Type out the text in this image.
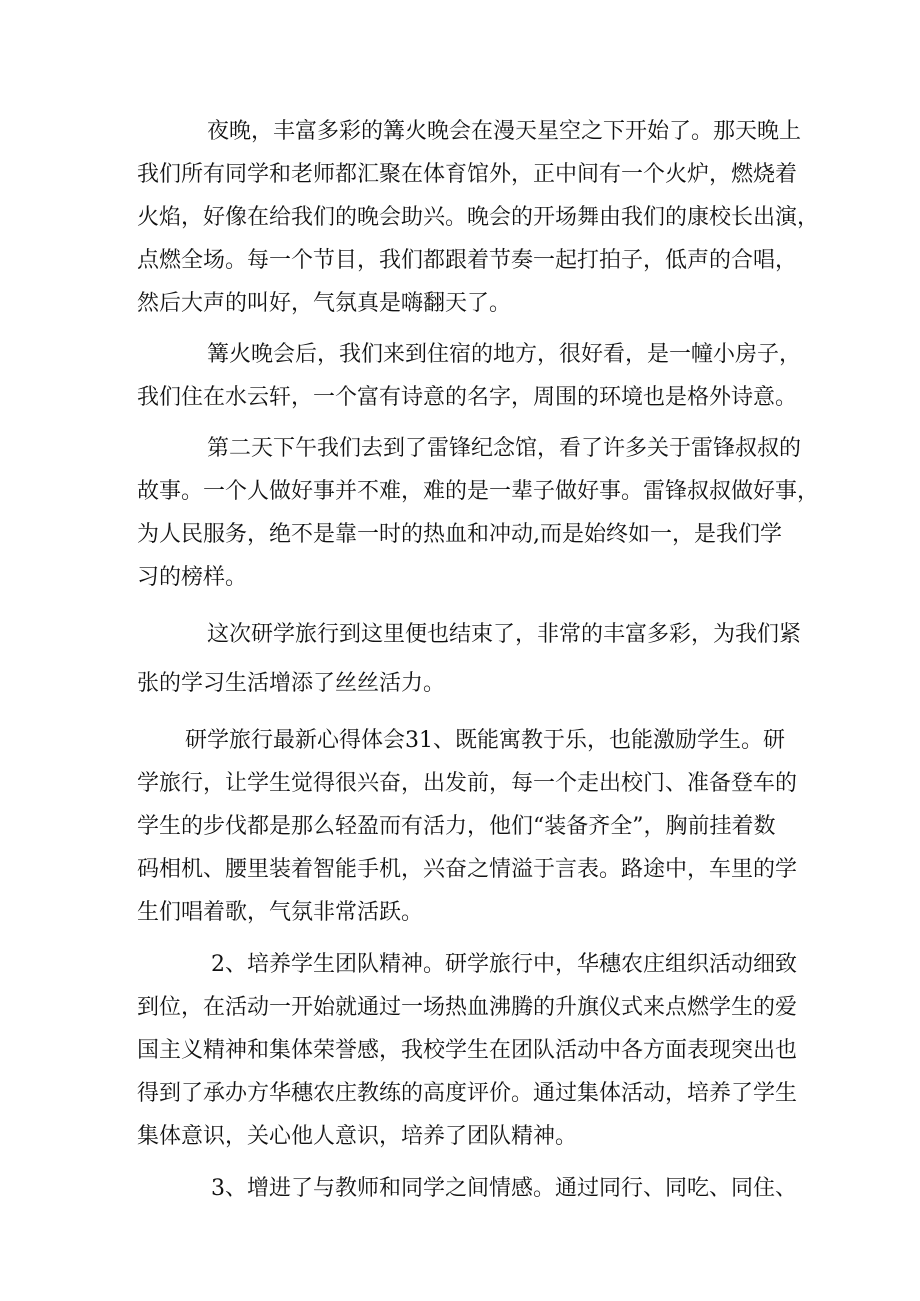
夜晚，丰富多彩的篝火晚会在漫天星空之下开始了。那天晚上
我们所有同学和老师都汇聚在体育馆外，正中间有一个火炉，燃烧着
火焰，好像在给我们的晚会助兴。晚会的开场舞由我们的康校长出演，
点燃全场。每一个节目，我们都跟着节奏一起打拍子，低声的合唱，
然后大声的叫好，气氛真是嗨翻天了。
篝火晚会后，我们来到住宿的地方，很好看，是一幢小房子，
我们住在水云轩，一个富有诗意的名字，周围的环境也是格外诗意。
第二天下午我们去到了雷锋纪念馆，看了许多关于雷锋叔叔的
故事。一个人做好事并不难，难的是一辈子做好事。雷锋叔叔做好事，
为人民服务，绝不是靠一时的热血和冲动,而是始终如一，是我们学
习的榜样。
这次研学旅行到这里便也结束了，非常的丰富多彩，为我们紧
张的学习生活增添了丝丝活力。
研学旅行最新心得体会31、既能寓教于乐，也能激励学生。研
学旅行，让学生觉得很兴奋，出发前，每一个走出校门、准备登车的
学生的步伐都是那么轻盈而有活力，他们“装备齐全”，胸前挂着数
码相机、腰里装着智能手机，兴奋之情溢于言表。路途中，车里的学
生们唱着歌，气氛非常活跃。
2、培养学生团队精神。研学旅行中，华穗农庄组织活动细致
到位，在活动一开始就通过一场热血沸腾的升旗仪式来点燃学生的爱
国主义精神和集体荣誉感，我校学生在团队活动中各方面表现突出也
得到了承办方华穗农庄教练的高度评价。通过集体活动，培养了学生
集体意识，关心他人意识，培养了团队精神。
3、增进了与教师和同学之间情感。通过同行、同吃、同住、
